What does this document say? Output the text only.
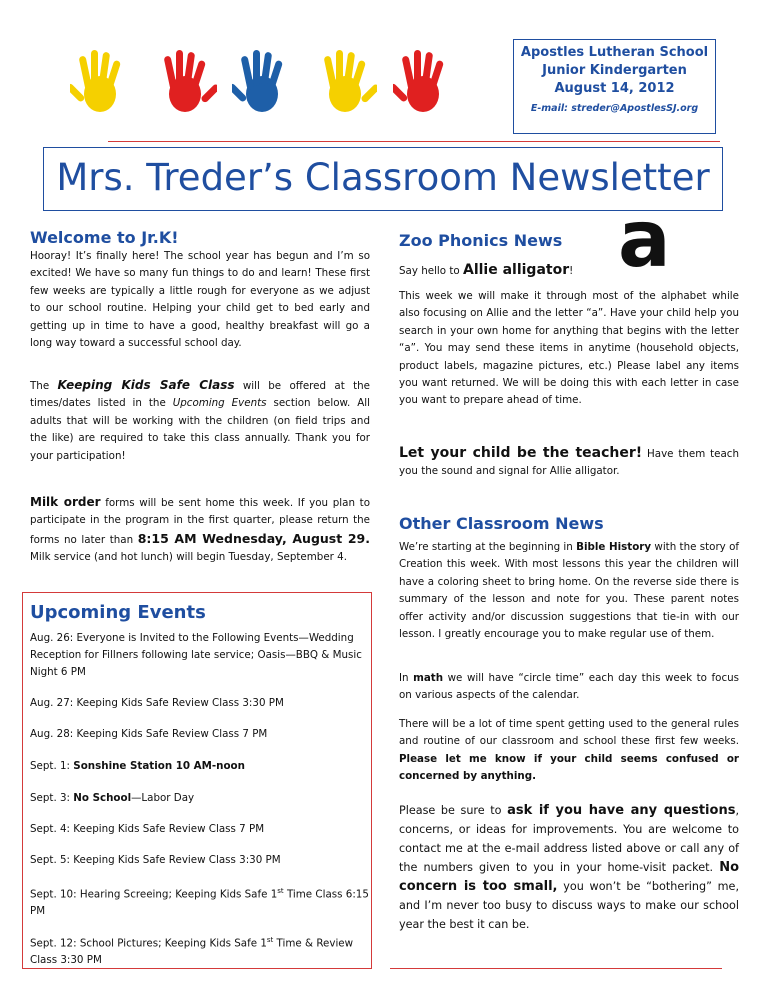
Apostles Lutheran School
Junior Kindergarten
August 14, 2012
E-mail: streder@ApostlesSJ.org
Mrs. Treder’s Classroom Newsletter
Welcome to Jr.K!
Hooray! It’s finally here! The school year has begun and I’m so excited! We have so many fun things to do and learn! These first few weeks are typically a little rough for everyone as we adjust to our school routine. Helping your child get to bed early and getting up in time to have a good, healthy breakfast will go a long way toward a successful school day.
The Keeping Kids Safe Class will be offered at the times/dates listed in the Upcoming Events section below. All adults that will be working with the children (on field trips and the like) are required to take this class annually. Thank you for your participation!
Milk order forms will be sent home this week. If you plan to participate in the program in the first quarter, please return the forms no later than 8:15 AM Wednesday, August 29. Milk service (and hot lunch) will begin Tuesday, September 4.
Upcoming Events
Aug. 26: Everyone is Invited to the Following Events—Wedding Reception for Fillners following late service; Oasis—BBQ & Music Night 6 PM
Aug. 27: Keeping Kids Safe Review Class 3:30 PM
Aug. 28: Keeping Kids Safe Review Class 7 PM
Sept. 1: Sonshine Station 10 AM-noon
Sept. 3: No School—Labor Day
Sept. 4: Keeping Kids Safe Review Class 7 PM
Sept. 5: Keeping Kids Safe Review Class 3:30 PM
Sept. 10: Hearing Screeing; Keeping Kids Safe 1st Time Class 6:15 PM
Sept. 12: School Pictures; Keeping Kids Safe 1st Time & Review Class 3:30 PM
Zoo Phonics News a
Say hello to Allie alligator!
This week we will make it through most of the alphabet while also focusing on Allie and the letter “a”. Have your child help you search in your own home for anything that begins with the letter “a”. You may send these items in anytime (household objects, product labels, magazine pictures, etc.) Please label any items you want returned. We will be doing this with each letter in case you want to prepare ahead of time.
Let your child be the teacher! Have them teach you the sound and signal for Allie alligator.
Other Classroom News
We’re starting at the beginning in Bible History with the story of Creation this week. With most lessons this year the children will have a coloring sheet to bring home. On the reverse side there is summary of the lesson and note for you. These parent notes offer activity and/or discussion suggestions that tie-in with our lesson. I greatly encourage you to make regular use of them.
In math we will have “circle time” each day this week to focus on various aspects of the calendar.
There will be a lot of time spent getting used to the general rules and routine of our classroom and school these first few weeks. Please let me know if your child seems confused or concerned by anything.
Please be sure to ask if you have any questions, concerns, or ideas for improvements. You are welcome to contact me at the e-mail address listed above or call any of the numbers given to you in your home-visit packet. No concern is too small, you won’t be “bothering” me, and I’m never too busy to discuss ways to make our school year the best it can be.
